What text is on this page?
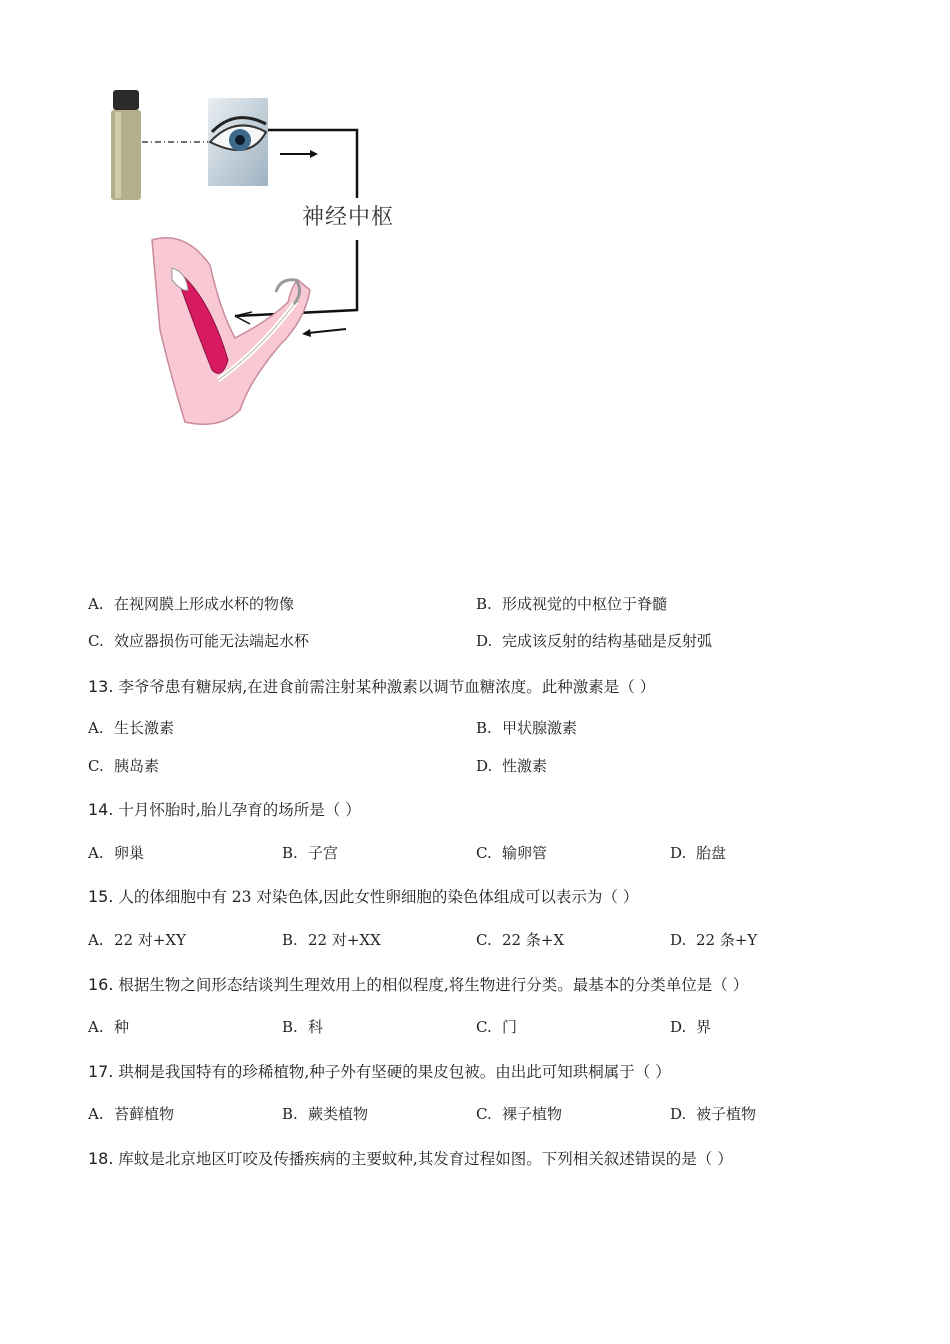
神经中枢
A. 在视网膜上形成水杯的物像	B. 形成视觉的中枢位于脊髓
C. 效应器损伤可能无法端起水杯	D. 完成该反射的结构基础是反射弧
13. 李爷爷患有糖尿病,在进食前需注射某种激素以调节血糖浓度。此种激素是（ ）
A. 生长激素	B. 甲状腺激素
C. 胰岛素	D. 性激素
14. 十月怀胎时,胎儿孕育的场所是（ ）
A. 卵巢	B. 子宫	C. 输卵管	D. 胎盘
15. 人的体细胞中有 23 对染色体,因此女性卵细胞的染色体组成可以表示为（ ）
A. 22 对+XY	B. 22 对+XX	C. 22 条+X	D. 22 条+Y
16. 根据生物之间形态结谈判生理效用上的相似程度,将生物进行分类。最基本的分类单位是（ ）
A. 种	B. 科	C. 门	D. 界
17. 珙桐是我国特有的珍稀植物,种子外有坚硬的果皮包被。由出此可知珙桐属于（ ）
A. 苔藓植物	B. 蕨类植物	C. 裸子植物	D. 被子植物
18. 库蚊是北京地区叮咬及传播疾病的主要蚊种,其发育过程如图。下列相关叙述错误的是（ ）
